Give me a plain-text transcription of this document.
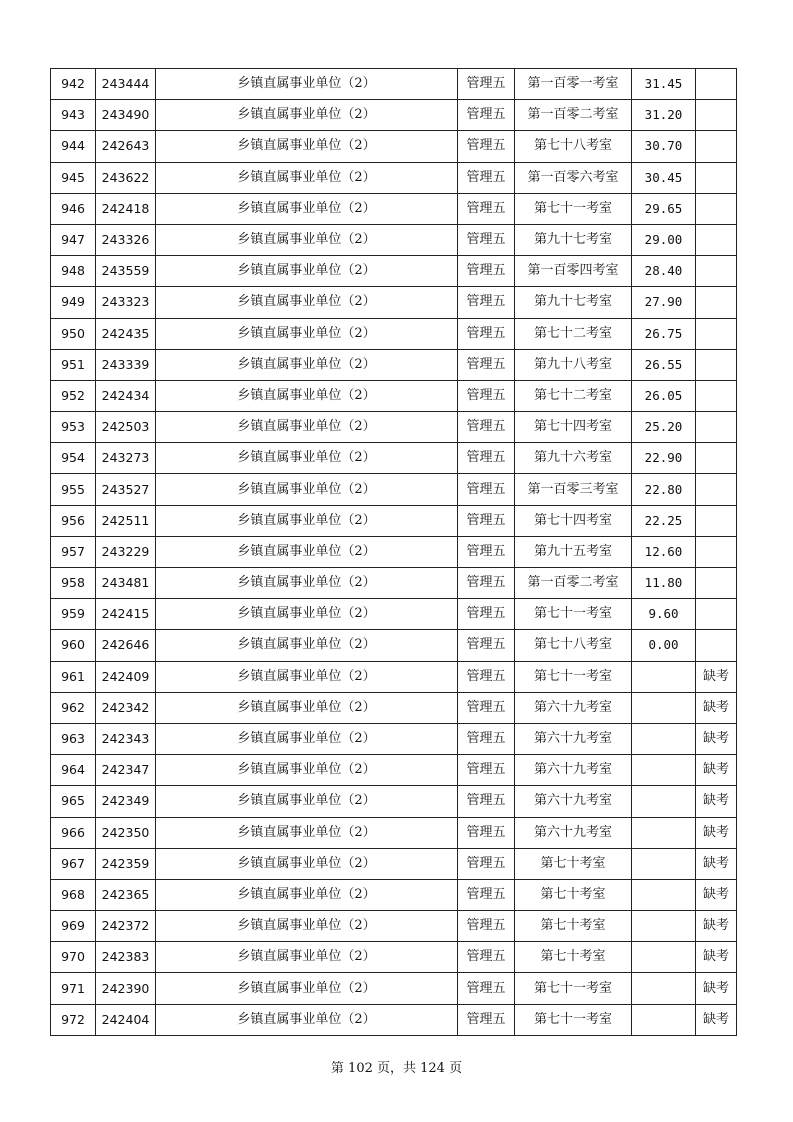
942	243444	乡镇直属事业单位（2）	管理五	第一百零一考室	31.45	
943	243490	乡镇直属事业单位（2）	管理五	第一百零二考室	31.20	
944	242643	乡镇直属事业单位（2）	管理五	第七十八考室	30.70	
945	243622	乡镇直属事业单位（2）	管理五	第一百零六考室	30.45	
946	242418	乡镇直属事业单位（2）	管理五	第七十一考室	29.65	
947	243326	乡镇直属事业单位（2）	管理五	第九十七考室	29.00	
948	243559	乡镇直属事业单位（2）	管理五	第一百零四考室	28.40	
949	243323	乡镇直属事业单位（2）	管理五	第九十七考室	27.90	
950	242435	乡镇直属事业单位（2）	管理五	第七十二考室	26.75	
951	243339	乡镇直属事业单位（2）	管理五	第九十八考室	26.55	
952	242434	乡镇直属事业单位（2）	管理五	第七十二考室	26.05	
953	242503	乡镇直属事业单位（2）	管理五	第七十四考室	25.20	
954	243273	乡镇直属事业单位（2）	管理五	第九十六考室	22.90	
955	243527	乡镇直属事业单位（2）	管理五	第一百零三考室	22.80	
956	242511	乡镇直属事业单位（2）	管理五	第七十四考室	22.25	
957	243229	乡镇直属事业单位（2）	管理五	第九十五考室	12.60	
958	243481	乡镇直属事业单位（2）	管理五	第一百零二考室	11.80	
959	242415	乡镇直属事业单位（2）	管理五	第七十一考室	9.60	
960	242646	乡镇直属事业单位（2）	管理五	第七十八考室	0.00	
961	242409	乡镇直属事业单位（2）	管理五	第七十一考室		缺考
962	242342	乡镇直属事业单位（2）	管理五	第六十九考室		缺考
963	242343	乡镇直属事业单位（2）	管理五	第六十九考室		缺考
964	242347	乡镇直属事业单位（2）	管理五	第六十九考室		缺考
965	242349	乡镇直属事业单位（2）	管理五	第六十九考室		缺考
966	242350	乡镇直属事业单位（2）	管理五	第六十九考室		缺考
967	242359	乡镇直属事业单位（2）	管理五	第七十考室		缺考
968	242365	乡镇直属事业单位（2）	管理五	第七十考室		缺考
969	242372	乡镇直属事业单位（2）	管理五	第七十考室		缺考
970	242383	乡镇直属事业单位（2）	管理五	第七十考室		缺考
971	242390	乡镇直属事业单位（2）	管理五	第七十一考室		缺考
972	242404	乡镇直属事业单位（2）	管理五	第七十一考室		缺考
第 102 页，共 124 页
